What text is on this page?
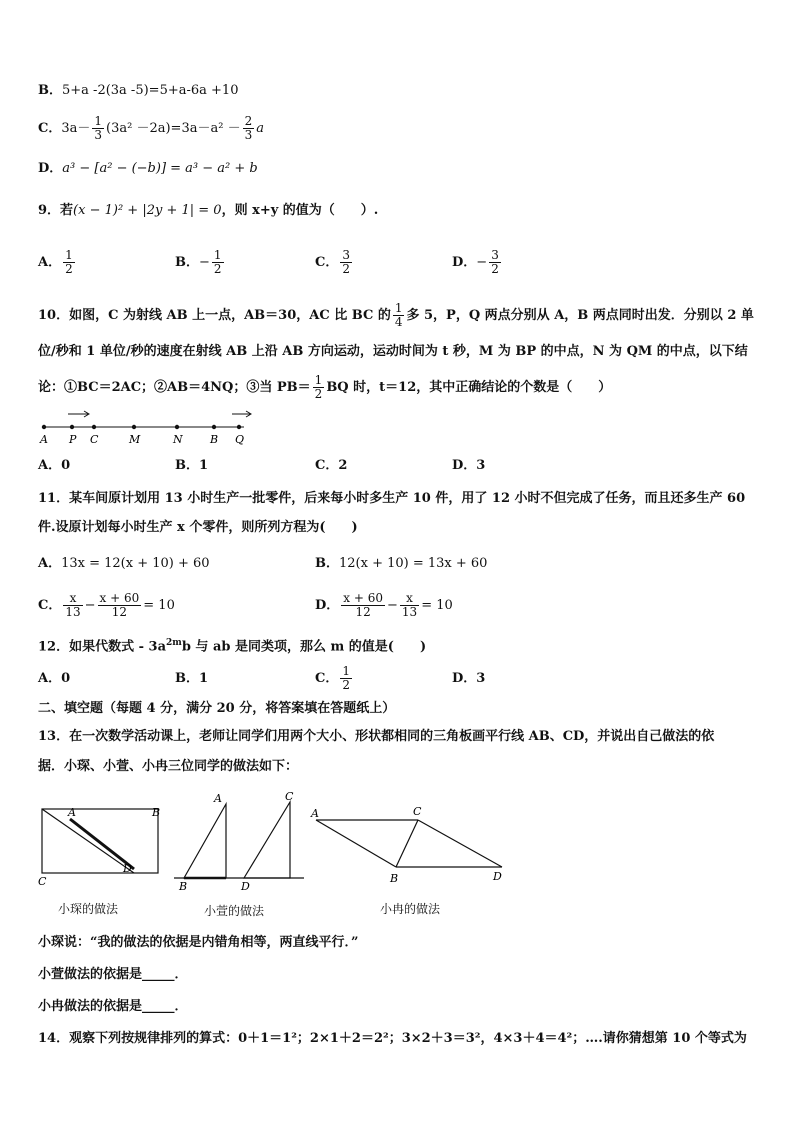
B．5+a -2(3a -5)=5+a-6a +10
C．$3a- \frac{1}{3} (3a^2 -2a)=3a-a^2 - \frac{2}{3}$ a
D．a³ − [a² − (−b)] = a³ − a² + b
9．若(x − 1)² + |2y + 1| = 0，则 x+y 的值为（　　）.
A． $\frac{1}{2}$	B．− $\frac{1}{2}$	C． $\frac{3}{2}$	D．− $\frac{3}{2}$
10．如图，C 为射线 AB 上一点，AB＝30，AC 比 BC 的 $\frac{1}{4}$ 多 5，P，Q 两点分别从 A，B 两点同时出发．分别以 2 单
位/秒和 1 单位/秒的速度在射线 AB 上沿 AB 方向运动，运动时间为 t 秒，M 为 BP 的中点，N 为 QM 的中点，以下结
论：①BC＝2AC；②AB＝4NQ；③当 $PB= \frac{1}{2}$ BQ 时，t＝12，其中正确结论的个数是（　　）
A P C	M	N B Q
A．0	B．1	C．2	D．3
11．某车间原计划用 13 小时生产一批零件，后来每小时多生产 10 件，用了 12 小时不但完成了任务，而且还多生产 60
件.设原计划每小时生产 x 个零件，则所列方程为(　　)
A．13x = 12(x + 10) + 60	B．12(x + 10) = 13x + 60
C． $\frac{x}{13} - \frac{x + 60}{12} = 10$	D． $\frac{x + 60}{12} - \frac{x}{13} = 10$
12．如果代数式 - $3a^{2m}b$ 与 ab 是同类项，那么 m 的值是(　　)
A．0	B．1	C． $\frac{1}{2}$	D．3
二、填空题（每题 4 分，满分 20 分，将答案填在答题纸上）
13．在一次数学活动课上，老师让同学们用两个大小、形状都相同的三角板画平行线 AB、CD，并说出自己做法的依
据．小琛、小萱、小冉三位同学的做法如下：
A	B
C
D
小琛的做法
A	C
B	D
小萱的做法
A	C
B	D
小冉的做法
小琛说：“我的做法的依据是内错角相等，两直线平行．”
小萱做法的依据是_____．
小冉做法的依据是_____．
14．观察下列按规律排列的算式：0＋1＝1²；2×1＋2＝2²；3×2＋3＝3²，4×3＋4＝4²；….请你猜想第 10 个等式为
